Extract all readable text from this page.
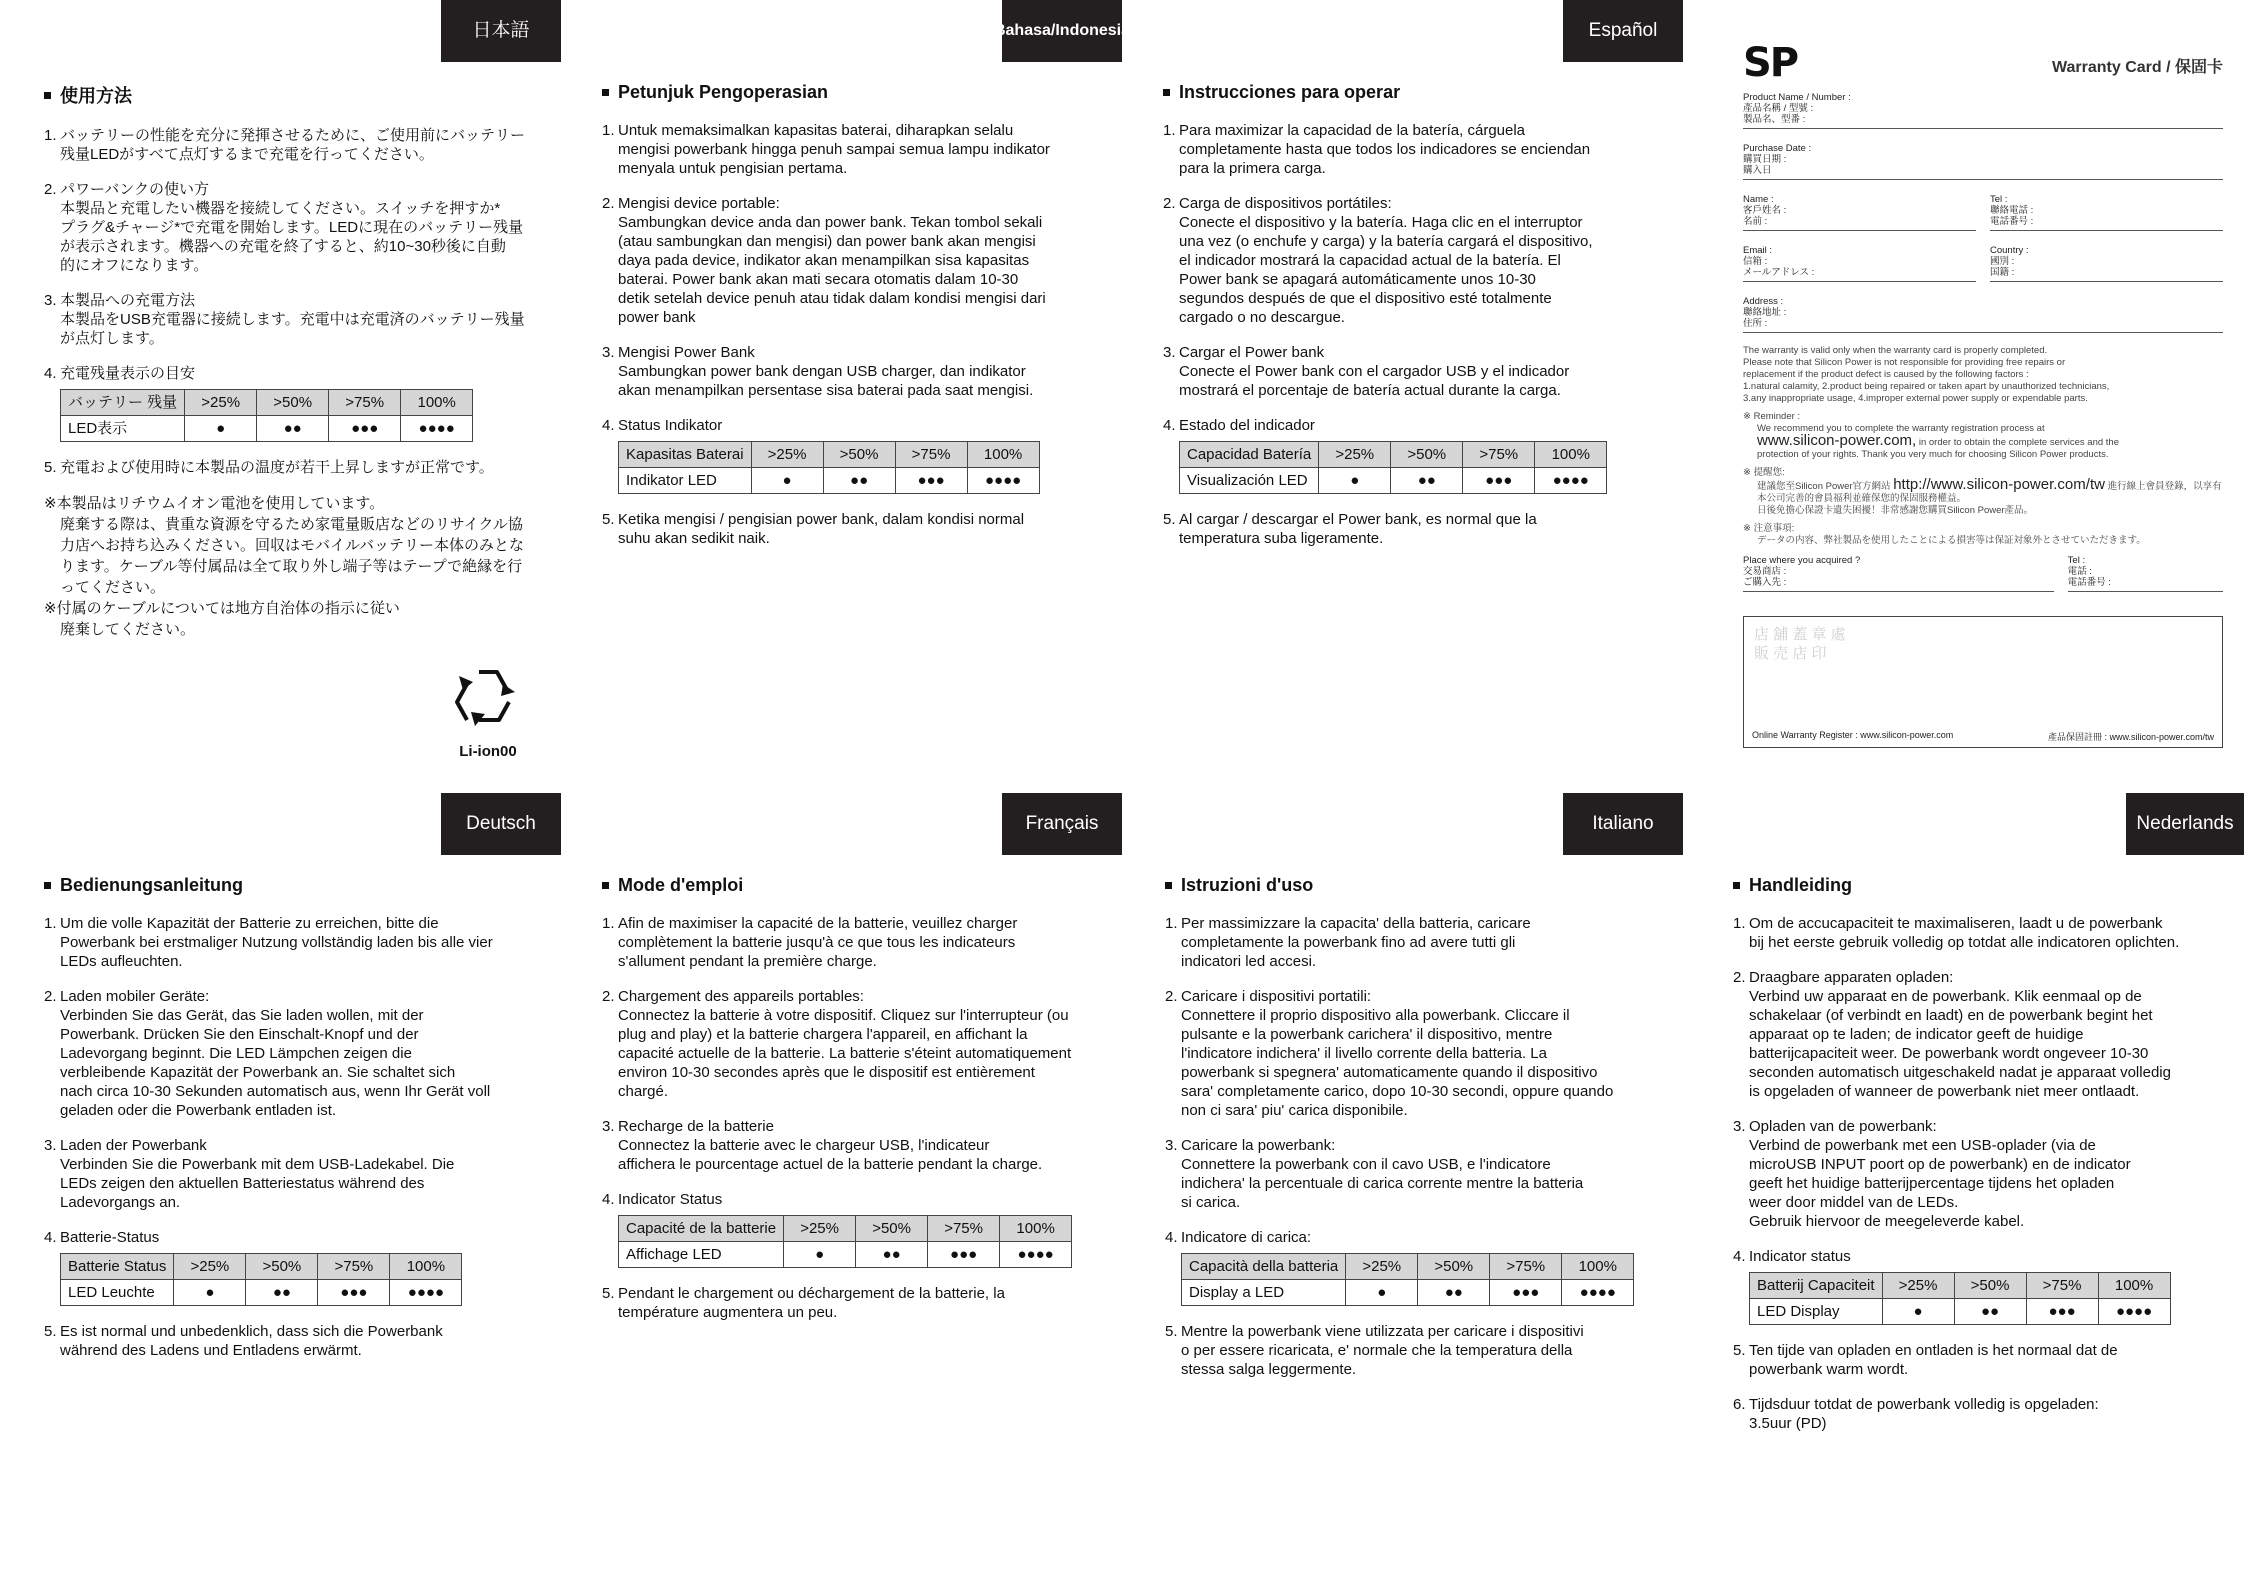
日本語
使用方法
1. バッテリーの性能を充分に発揮させるために、ご使用前にバッテリー
残量LEDがすべて点灯するまで充電を行ってください。
2. パワーバンクの使い方
本製品と充電したい機器を接続してください。スイッチを押すか*
プラグ&チャージ*で充電を開始します。LEDに現在のバッテリー残量
が表示されます。機器への充電を終了すると、約10~30秒後に自動
的にオフになります。
3. 本製品への充電方法
本製品をUSB充電器に接続します。充電中は充電済のバッテリー残量
が点灯します。
4. 充電残量表示の目安
バッテリー 残量	>25%	>50%	>75%	100%
LED表示	●	●●	●●●	●●●●
5. 充電および使用時に本製品の温度が若干上昇しますが正常です。
※本製品はリチウムイオン電池を使用しています。
廃棄する際は、貴重な資源を守るため家電量販店などのリサイクル協
力店へお持ち込みください。回収はモバイルバッテリー本体のみとな
ります。ケーブル等付属品は全て取り外し端子等はテープで絶縁を行
ってください。
※付属のケーブルについては地方自治体の指示に従い
廃棄してください。
Li-ion00
Bahasa/ Indonesia
Petunjuk Pengoperasian
1. Untuk memaksimalkan kapasitas baterai, diharapkan selalu
mengisi powerbank hingga penuh sampai semua lampu indikator
menyala untuk pengisian pertama.
2. Mengisi device portable:
Sambungkan device anda dan power bank. Tekan tombol sekali
(atau sambungkan dan mengisi) dan power bank akan mengisi
daya pada device, indikator akan menampilkan sisa kapasitas
baterai. Power bank akan mati secara otomatis dalam 10-30
detik setelah device penuh atau tidak dalam kondisi mengisi dari
power bank
3. Mengisi Power Bank
Sambungkan power bank dengan USB charger, dan indikator
akan menampilkan persentase sisa baterai pada saat mengisi.
4. Status Indikator
Kapasitas Baterai	>25%	>50%	>75%	100%
Indikator LED	●	●●	●●●	●●●●
5. Ketika mengisi / pengisian power bank, dalam kondisi normal
suhu akan sedikit naik.
Español
Instrucciones para operar
1. Para maximizar la capacidad de la batería, cárguela
completamente hasta que todos los indicadores se enciendan
para la primera carga.
2. Carga de dispositivos portátiles:
Conecte el dispositivo y la batería. Haga clic en el interruptor
una vez (o enchufe y carga) y la batería cargará el dispositivo,
el indicador mostrará la capacidad actual de la batería. El
Power bank se apagará automáticamente unos 10-30
segundos después de que el dispositivo esté totalmente
cargado o no descargue.
3. Cargar el Power bank
Conecte el Power bank con el cargador USB y el indicador
mostrará el porcentaje de batería actual durante la carga.
4. Estado del indicador
Capacidad Batería	>25%	>50%	>75%	100%
Visualización LED	●	●●	●●●	●●●●
5. Al cargar / descargar el Power bank, es normal que la
temperatura suba ligeramente.
SP	Warranty Card / 保固卡
Product Name / Number :
產品名稱 / 型號 :
製品名、型番 :
Purchase Date :
購買日期 :
購入日
Name :
客戶姓名 :
名前 :
Tel :
聯絡電話 :
電話番号 :
Email :
信箱 :
メールアドレス :
Country :
國別 :
国籍 :
Address :
聯絡地址 :
住所 :
The warranty is valid only when the warranty card is properly completed.
Please note that Silicon Power is not responsible for providing free repairs or
replacement if the product defect is caused by the following factors :
1.natural calamity, 2.product being repaired or taken apart by unauthorized technicians,
3.any inappropriate usage, 4.improper external power supply or expendable parts.
※ Reminder :
We recommend you to complete the warranty registration process at
www.silicon-power.com, in order to obtain the complete services and the
protection of your rights. Thank you very much for choosing Silicon Power products.
※ 提醒您:
建議您至Silicon Power官方網站 http://www.silicon-power.com/tw 進行線上會員登錄，以享有本公司完善的會員福利並確保您的保固服務權益。
日後免擔心保證卡遺失困擾！非常感謝您購買Silicon Power產品。
※ 注意事項:
データの内容、弊社製品を使用したことによる損害等は保証対象外とさせていただきます。
Place where you acquired ?
交易商店 :
ご購入先 :
Tel :
電話 :
電話番号 :
店 舖 蓋 章 處
販 売 店 印
Online Warranty Register : www.silicon-power.com	產品保固註冊 : www.silicon-power.com/tw
Deutsch
Bedienungsanleitung
1. Um die volle Kapazität der Batterie zu erreichen, bitte die
Powerbank bei erstmaliger Nutzung vollständig laden bis alle vier
LEDs aufleuchten.
2. Laden mobiler Geräte:
Verbinden Sie das Gerät, das Sie laden wollen, mit der
Powerbank. Drücken Sie den Einschalt-Knopf und der
Ladevorgang beginnt. Die LED Lämpchen zeigen die
verbleibende Kapazität der Powerbank an. Sie schaltet sich
nach circa 10-30 Sekunden automatisch aus, wenn Ihr Gerät voll
geladen oder die Powerbank entladen ist.
3. Laden der Powerbank
Verbinden Sie die Powerbank mit dem USB-Ladekabel. Die
LEDs zeigen den aktuellen Batteriestatus während des
Ladevorgangs an.
4. Batterie-Status
Batterie Status	>25%	>50%	>75%	100%
LED Leuchte	●	●●	●●●	●●●●
5. Es ist normal und unbedenklich, dass sich die Powerbank
während des Ladens und Entladens erwärmt.
Français
Mode d'emploi
1. Afin de maximiser la capacité de la batterie, veuillez charger
complètement la batterie jusqu'à ce que tous les indicateurs
s'allument pendant la première charge.
2. Chargement des appareils portables:
Connectez la batterie à votre dispositif. Cliquez sur l'interrupteur (ou
plug and play) et la batterie chargera l'appareil, en affichant la
capacité actuelle de la batterie. La batterie s'éteint automatiquement
environ 10-30 secondes après que le dispositif est entièrement
chargé.
3. Recharge de la batterie
Connectez la batterie avec le chargeur USB, l'indicateur
affichera le pourcentage actuel de la batterie pendant la charge.
4. Indicator Status
Capacité de la batterie	>25%	>50%	>75%	100%
Affichage LED	●	●●	●●●	●●●●
5. Pendant le chargement ou déchargement de la batterie, la
température augmentera un peu.
Italiano
Istruzioni d'uso
1. Per massimizzare la capacita' della batteria, caricare
completamente la powerbank fino ad avere tutti gli
indicatori led accesi.
2. Caricare i dispositivi portatili:
Connettere il proprio dispositivo alla powerbank. Cliccare il
pulsante e la powerbank carichera' il dispositivo, mentre
l'indicatore indichera' il livello corrente della batteria. La
powerbank si spegnera' automaticamente quando il dispositivo
sara' completamente carico, dopo 10-30 secondi, oppure quando
non ci sara' piu' carica disponibile.
3. Caricare la powerbank:
Connettere la powerbank con il cavo USB, e l'indicatore
indichera' la percentuale di carica corrente mentre la batteria
si carica.
4. Indicatore di carica:
Capacità della batteria	>25%	>50%	>75%	100%
Display a LED	●	●●	●●●	●●●●
5. Mentre la powerbank viene utilizzata per caricare i dispositivi
o per essere ricaricata, e' normale che la temperatura della
stessa salga leggermente.
Nederlands
Handleiding
1. Om de accucapaciteit te maximaliseren, laadt u de powerbank
bij het eerste gebruik volledig op totdat alle indicatoren oplichten.
2. Draagbare apparaten opladen:
Verbind uw apparaat en de powerbank. Klik eenmaal op de
schakelaar (of verbindt en laadt) en de powerbank begint het
apparaat op te laden; de indicator geeft de huidige
batterijcapaciteit weer. De powerbank wordt ongeveer 10-30
seconden automatisch uitgeschakeld nadat je apparaat volledig
is opgeladen of wanneer de powerbank niet meer ontlaadt.
3. Opladen van de powerbank:
Verbind de powerbank met een USB-oplader (via de
microUSB INPUT poort op de powerbank) en de indicator
geeft het huidige batterijpercentage tijdens het opladen
weer door middel van de LEDs.
Gebruik hiervoor de meegeleverde kabel.
4. Indicator status
Batterij Capaciteit	>25%	>50%	>75%	100%
LED Display	●	●●	●●●	●●●●
5. Ten tijde van opladen en ontladen is het normaal dat de
powerbank warm wordt.
6. Tijdsduur totdat de powerbank volledig is opgeladen:
3.5uur (PD)
